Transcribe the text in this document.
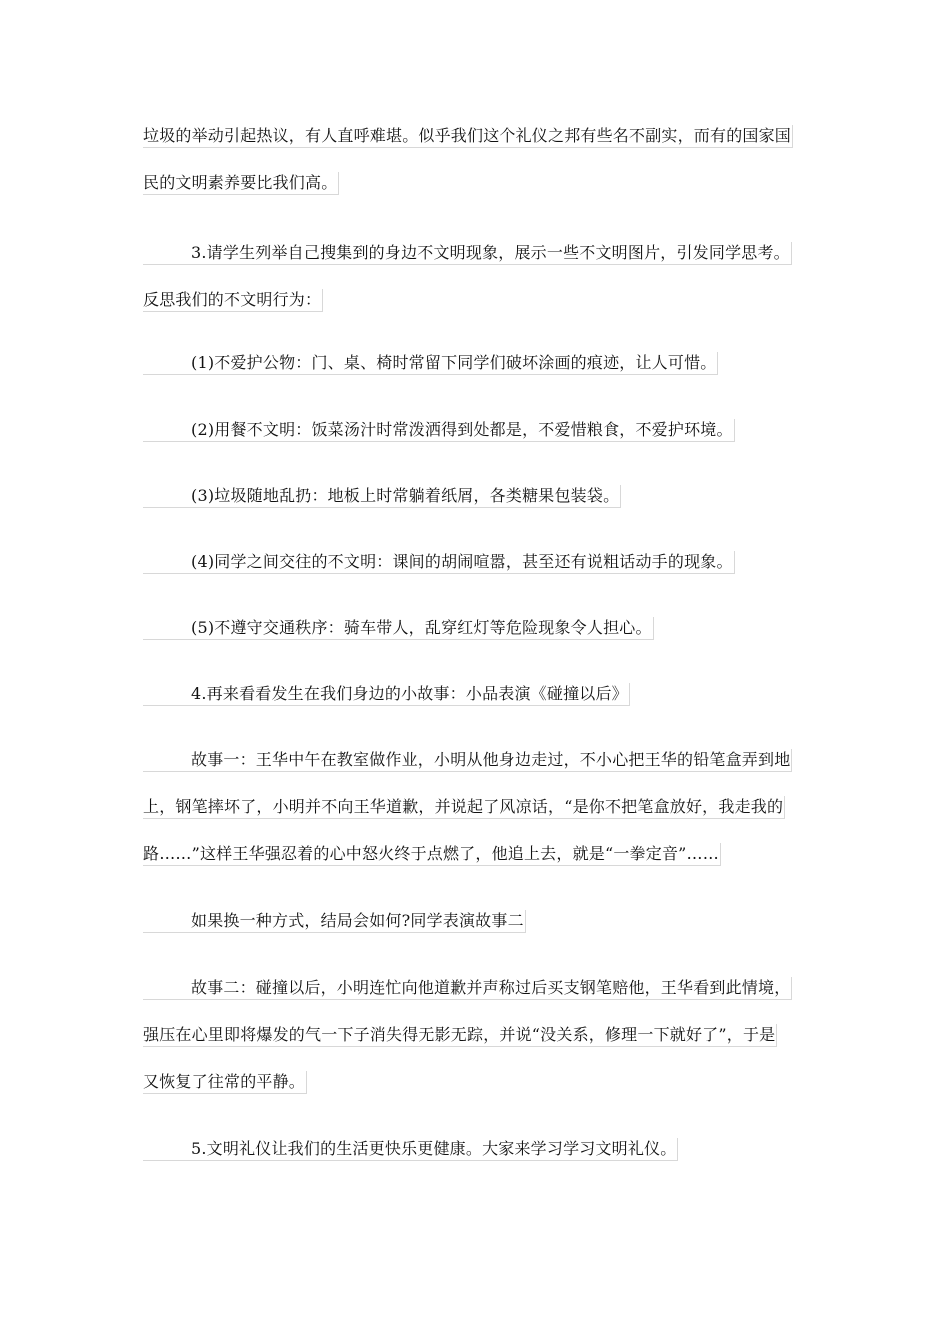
垃圾的举动引起热议，有人直呼难堪。似乎我们这个礼仪之邦有些名不副实，而有的国家国
民的文明素养要比我们高。
3.请学生列举自己搜集到的身边不文明现象，展示一些不文明图片，引发同学思考。
反思我们的不文明行为：
(1)不爱护公物：门、桌、椅时常留下同学们破坏涂画的痕迹，让人可惜。
(2)用餐不文明：饭菜汤汁时常泼洒得到处都是，不爱惜粮食，不爱护环境。
(3)垃圾随地乱扔：地板上时常躺着纸屑，各类糖果包装袋。
(4)同学之间交往的不文明：课间的胡闹喧嚣，甚至还有说粗话动手的现象。
(5)不遵守交通秩序：骑车带人，乱穿红灯等危险现象令人担心。
4.再来看看发生在我们身边的小故事：小品表演《碰撞以后》
故事一：王华中午在教室做作业，小明从他身边走过，不小心把王华的铅笔盒弄到地
上，钢笔摔坏了，小明并不向王华道歉，并说起了风凉话，“是你不把笔盒放好，我走我的
路……”这样王华强忍着的心中怒火终于点燃了，他追上去，就是“一拳定音”……
如果换一种方式，结局会如何?同学表演故事二
故事二：碰撞以后，小明连忙向他道歉并声称过后买支钢笔赔他，王华看到此情境，
强压在心里即将爆发的气一下子消失得无影无踪，并说“没关系，修理一下就好了”，于是
又恢复了往常的平静。
5.文明礼仪让我们的生活更快乐更健康。大家来学习学习文明礼仪。
